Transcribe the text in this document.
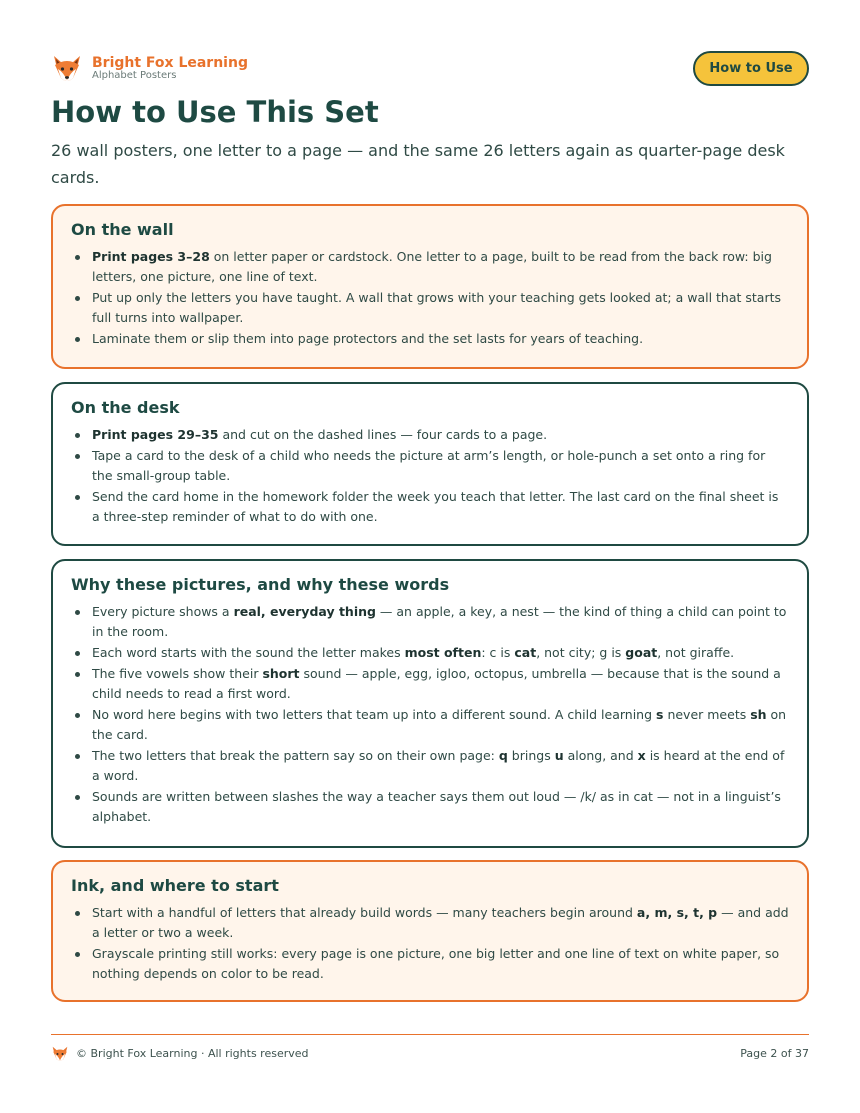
Bright Fox Learning
Alphabet Posters	How to Use
How to Use This Set

26 wall posters, one letter to a page — and the same 26 letters again as quarter-page desk cards.

On the wall
Print pages 3–28 on letter paper or cardstock. One letter to a page, built to be read from the back row: big letters, one picture, one line of text.
Put up only the letters you have taught. A wall that grows with your teaching gets looked at; a wall that starts full turns into wallpaper.
Laminate them or slip them into page protectors and the set lasts for years of teaching.
On the desk
Print pages 29–35 and cut on the dashed lines — four cards to a page.
Tape a card to the desk of a child who needs the picture at arm’s length, or hole-punch a set onto a ring for the small-group table.
Send the card home in the homework folder the week you teach that letter. The last card on the final sheet is a three-step reminder of what to do with one.
Why these pictures, and why these words
Every picture shows a real, everyday thing — an apple, a key, a nest — the kind of thing a child can point to in the room.
Each word starts with the sound the letter makes most often: c is cat, not city; g is goat, not giraffe.
The five vowels show their short sound — apple, egg, igloo, octopus, umbrella — because that is the sound a child needs to read a first word.
No word here begins with two letters that team up into a different sound. A child learning s never meets sh on the card.
The two letters that break the pattern say so on their own page: q brings u along, and x is heard at the end of a word.
Sounds are written between slashes the way a teacher says them out loud — /k/ as in cat — not in a linguist’s alphabet.
Ink, and where to start
Start with a handful of letters that already build words — many teachers begin around a, m, s, t, p — and add a letter or two a week.
Grayscale printing still works: every page is one picture, one big letter and one line of text on white paper, so nothing depends on color to be read.
© Bright Fox Learning · All rights reserved	Page 2 of 37
